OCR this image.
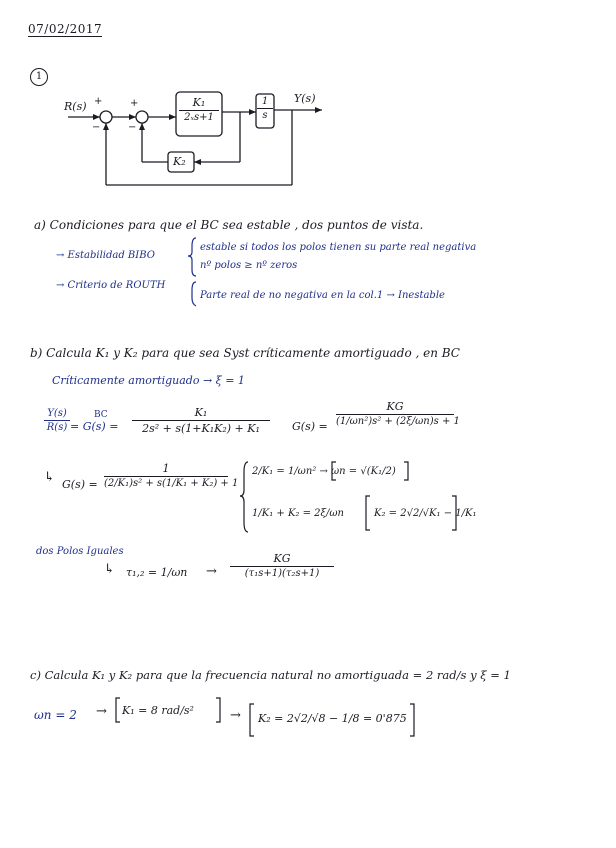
07/02/2017
1
R(s) +
−
+
−
K₁
2ₓs+1
1
s
K₂
Y(s)
a) Condiciones para que el BC sea estable , dos puntos de vista.
→ Estabilidad BIBO
estable si todos los polos tienen su parte real negativa
nº polos ≥ nº zeros
→ Criterio de ROUTH
Parte real de no negativa en la col.1 → Inestable
b) Calcula K₁ y K₂ para que sea Syst críticamente amortiguado , en BC
Críticamente amortiguado → ξ = 1
Y(s)
R(s)
BC
= G(s) =
K₁
2s² + s(1+K₁K₂) + K₁	G(s) =
KG
(1/ωn²)s² + (2ξ/ωn)s + 1
↳ G(s) =
1
(2/K₁)s² + s(1/K₁ + K₂) + 1
2/K₁ = 1/ωn² → ωn = √(K₁/2)
1/K₁ + K₂ = 2ξ/ωn	K₂ = 2√2/√K₁ − 1/K₁
dos Polos Iguales
↳ τ₁,₂ = 1/ωn →
KG
(τ₁s+1)(τ₂s+1)
c) Calcula K₁ y K₂ para que la frecuencia natural no amortiguada = 2 rad/s y ξ = 1
ωn = 2 → K₁ = 8 rad/s²	→ K₂ = 2√2/√8 − 1/8 = 0'875
